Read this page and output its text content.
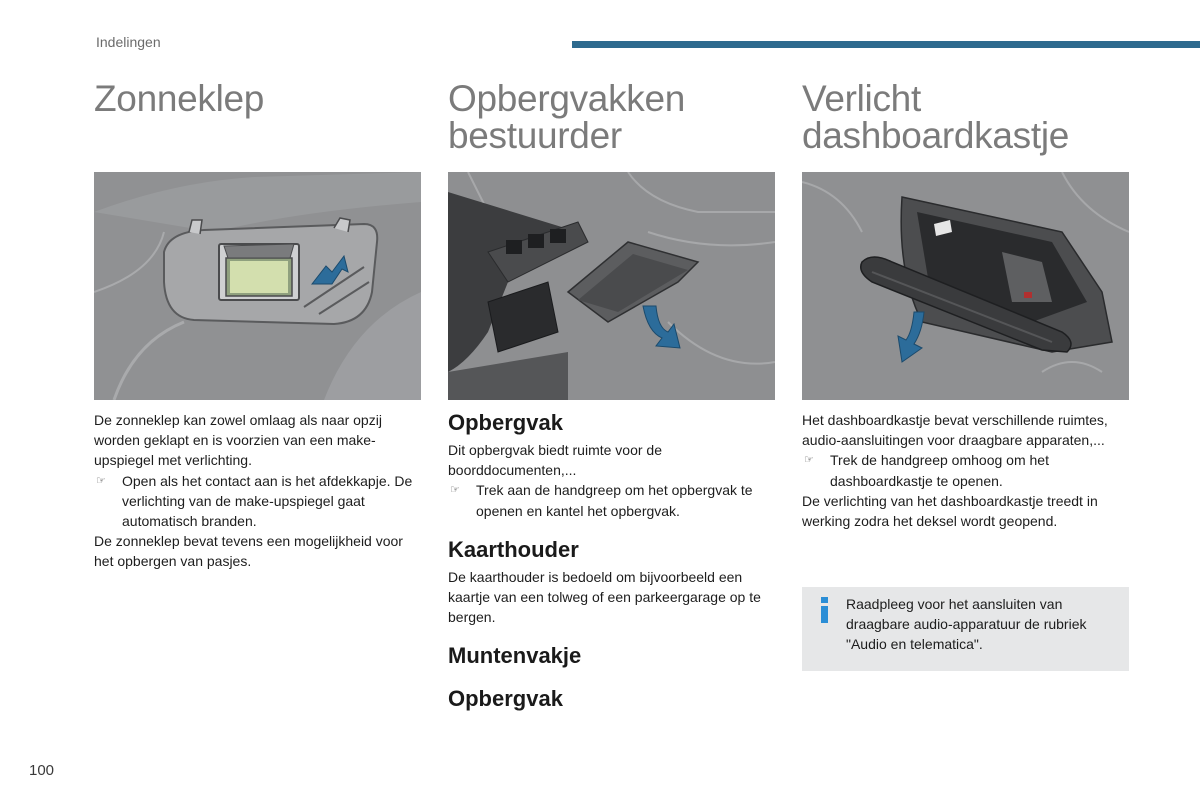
Indelingen
Zonneklep

De zonneklep kan zowel omlaag als naar opzij worden geklapt en is voorzien van een make-upspiegel met verlichting.

☞	Open als het contact aan is het afdekkapje. De verlichting van de make-upspiegel gaat automatisch branden.

De zonneklep bevat tevens een mogelijkheid voor het opbergen van pasjes.

Opbergvakken
bestuurder
Opbergvak

Dit opbergvak biedt ruimte voor de boorddocumenten,...

☞	Trek aan de handgreep om het opbergvak te openen en kantel het opbergvak.
Kaarthouder

De kaarthouder is bedoeld om bijvoorbeeld een kaartje van een tolweg of een parkeergarage op te bergen.

Muntenvakje
Opbergvak
Verlicht
dashboardkastje

Het dashboardkastje bevat verschillende ruimtes, audio-aansluitingen voor draagbare apparaten,...

☞	Trek de handgreep omhoog om het dashboardkastje te openen.

De verlichting van het dashboardkastje treedt in werking zodra het deksel wordt geopend.

Raadpleeg voor het aansluiten van draagbare audio-apparatuur de rubriek "Audio en telematica".
100
